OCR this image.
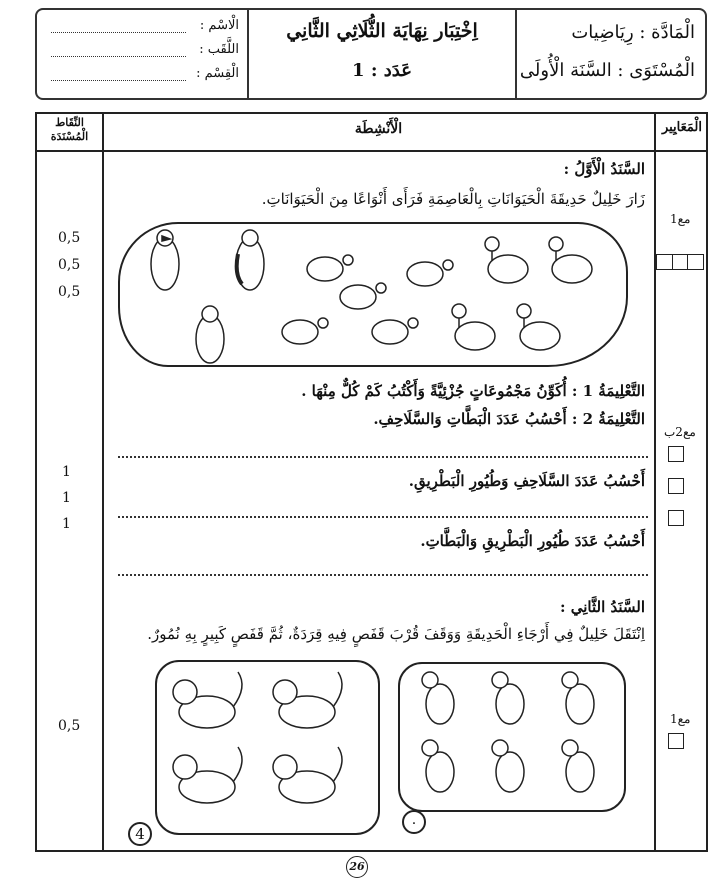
الْمَادَّة : رِيَاضِيات
الْمُسْتَوَى : السَّنَة الْأُولَى
اِخْتِبَار نِهَايَة الثُّلَاثِي الثَّانِي
عَدَد : 1
الْاسْم :
اللَّقَب :
الْقِسْم :
الْمَعَايِير
الْأَنْشِطَة
النِّقَاط الْمُسْنَدَة
السَّنَدُ الْأَوَّلُ :
زَارَ خَلِيلٌ حَدِيقَةَ الْحَيَوَانَاتِ بِالْعَاصِمَةِ فَرَأَى أَنْوَاعًا مِنَ الْحَيَوَانَاتِ.
التَّعْلِيمَةُ 1 : أُكَوِّنُ مَجْمُوعَاتٍ جُزْئِيَّةً وَأَكْتُبُ كَمْ كُلٌّ مِنْهَا .
التَّعْلِيمَةُ 2 : أَحْسُبُ عَدَدَ الْبَطَّاتِ وَالسَّلَاحِفِ.
أَحْسُبُ عَدَدَ السَّلَاحِفِ وَطُيُورِ الْبَطْرِيقِ.
أَحْسُبُ عَدَدَ طُيُورِ الْبَطْرِيقِ وَالْبَطَّاتِ.
السَّنَدُ الثَّانِي :
اِنْتَقَلَ خَلِيلٌ فِي أَرْجَاءِ الْحَدِيقَةِ وَوَقَفَ قُرْبَ قَفَصٍ فِيهِ قِرَدَةٌ، ثُمَّ قَفَصٍ كَبِيرٍ بِهِ نُمُورٌ.
4
.
مع1
مع2ب
مع1
0,5
0,5
0,5
1
1
1
0,5
26
